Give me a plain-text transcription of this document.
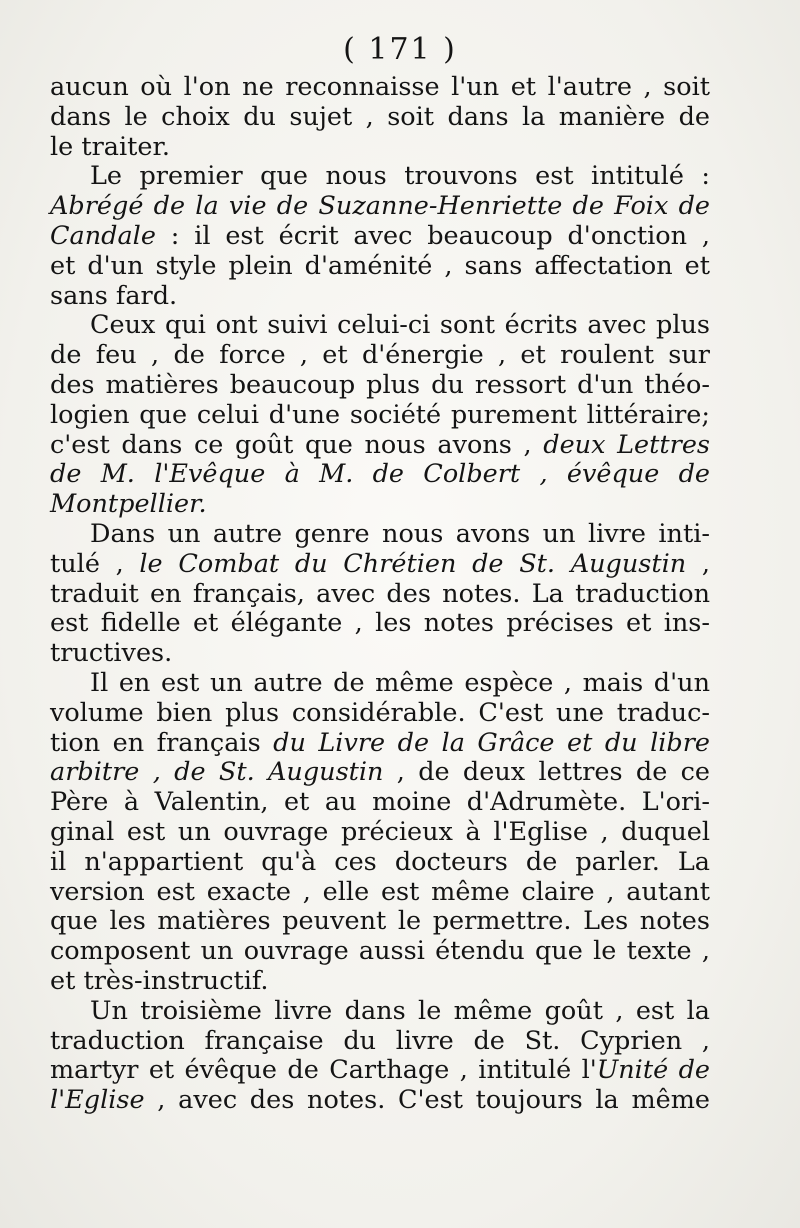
( 171 )
aucun où l'on ne reconnaisse l'un et l'autre , soit
dans le choix du sujet , soit dans la manière de
le traiter.
Le premier que nous trouvons est intitulé :
Abrégé de la vie de Suzanne-Henriette de Foix de
Candale : il est écrit avec beaucoup d'onction ,
et d'un style plein d'aménité , sans affectation et
sans fard.
Ceux qui ont suivi celui-ci sont écrits avec plus
de feu , de force , et d'énergie , et roulent sur
des matières beaucoup plus du ressort d'un théo-
logien que celui d'une société purement littéraire;
c'est dans ce goût que nous avons , deux Lettres
de M. l'Evêque à M. de Colbert , évêque de
Montpellier.
Dans un autre genre nous avons un livre inti-
tulé , le Combat du Chrétien de St. Augustin ,
traduit en français, avec des notes. La traduction
est fidelle et élégante , les notes précises et ins-
tructives.
Il en est un autre de même espèce , mais d'un
volume bien plus considérable. C'est une traduc-
tion en français du Livre de la Grâce et du libre
arbitre , de St. Augustin , de deux lettres de ce
Père à Valentin, et au moine d'Adrumète. L'ori-
ginal est un ouvrage précieux à l'Eglise , duquel
il n'appartient qu'à ces docteurs de parler. La
version est exacte , elle est même claire , autant
que les matières peuvent le permettre. Les notes
composent un ouvrage aussi étendu que le texte ,
et très-instructif.
Un troisième livre dans le même goût , est la
traduction française du livre de St. Cyprien ,
martyr et évêque de Carthage , intitulé l'Unité de
l'Eglise , avec des notes. C'est toujours la même
